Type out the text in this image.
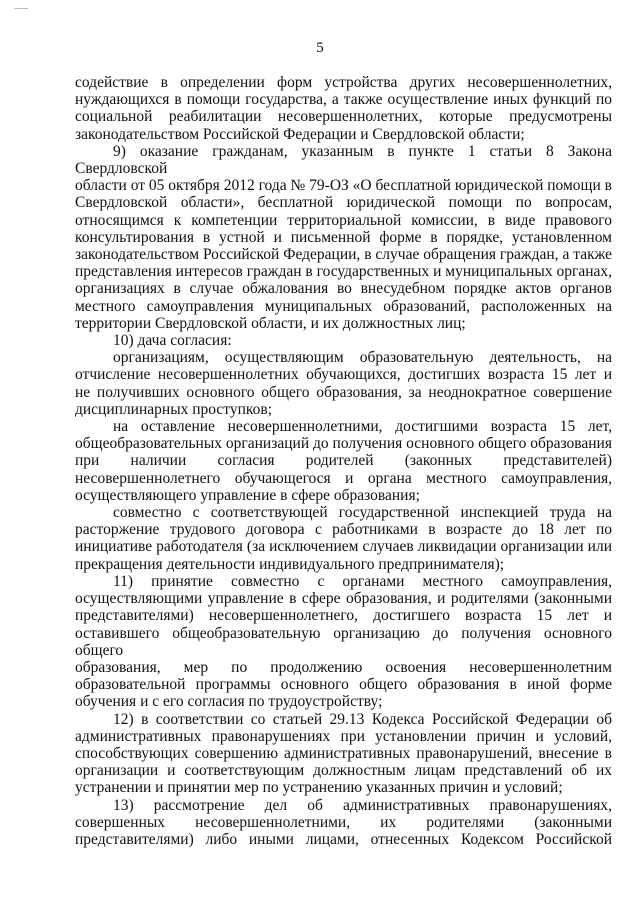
5

содействие в определении форм устройства других несовершеннолетних,

нуждающихся в помощи государства, а также осуществление иных функций по

социальной реабилитации несовершеннолетних, которые предусмотрены

законодательством Российской Федерации и Свердловской области;

9) оказание гражданам, указанным в пункте 1 статьи 8 Закона Свердловской

области от 05 октября 2012 года № 79-ОЗ «О бесплатной юридической помощи в

Свердловской области», бесплатной юридической помощи по вопросам,

относящимся к компетенции территориальной комиссии, в виде правового

консультирования в устной и письменной форме в порядке, установленном

законодательством Российской Федерации, в случае обращения граждан, а также

представления интересов граждан в государственных и муниципальных органах,

организациях в случае обжалования во внесудебном порядке актов органов

местного самоуправления муниципальных образований, расположенных на

территории Свердловской области, и их должностных лиц;

10) дача согласия:

организациям, осуществляющим образовательную деятельность, на

отчисление несовершеннолетних обучающихся, достигших возраста 15 лет и

не получивших основного общего образования, за неоднократное совершение

дисциплинарных проступков;

на оставление несовершеннолетними, достигшими возраста 15 лет,

общеобразовательных организаций до получения основного общего образования

при наличии согласия родителей (законных представителей)

несовершеннолетнего обучающегося и органа местного самоуправления,

осуществляющего управление в сфере образования;

совместно с соответствующей государственной инспекцией труда на

расторжение трудового договора с работниками в возрасте до 18 лет по

инициативе работодателя (за исключением случаев ликвидации организации или

прекращения деятельности индивидуального предпринимателя);

11) принятие совместно с органами местного самоуправления,

осуществляющими управление в сфере образования, и родителями (законными

представителями) несовершеннолетнего, достигшего возраста 15 лет и

оставившего общеобразовательную организацию до получения основного общего

образования, мер по продолжению освоения несовершеннолетним

образовательной программы основного общего образования в иной форме

обучения и с его согласия по трудоустройству;

12) в соответствии со статьей 29.13 Кодекса Российской Федерации об

административных правонарушениях при установлении причин и условий,

способствующих совершению административных правонарушений, внесение в

организации и соответствующим должностным лицам представлений об их

устранении и принятии мер по устранению указанных причин и условий;

13) рассмотрение дел об административных правонарушениях,

совершенных несовершеннолетними, их родителями (законными

представителями) либо иными лицами, отнесенных Кодексом Российской
